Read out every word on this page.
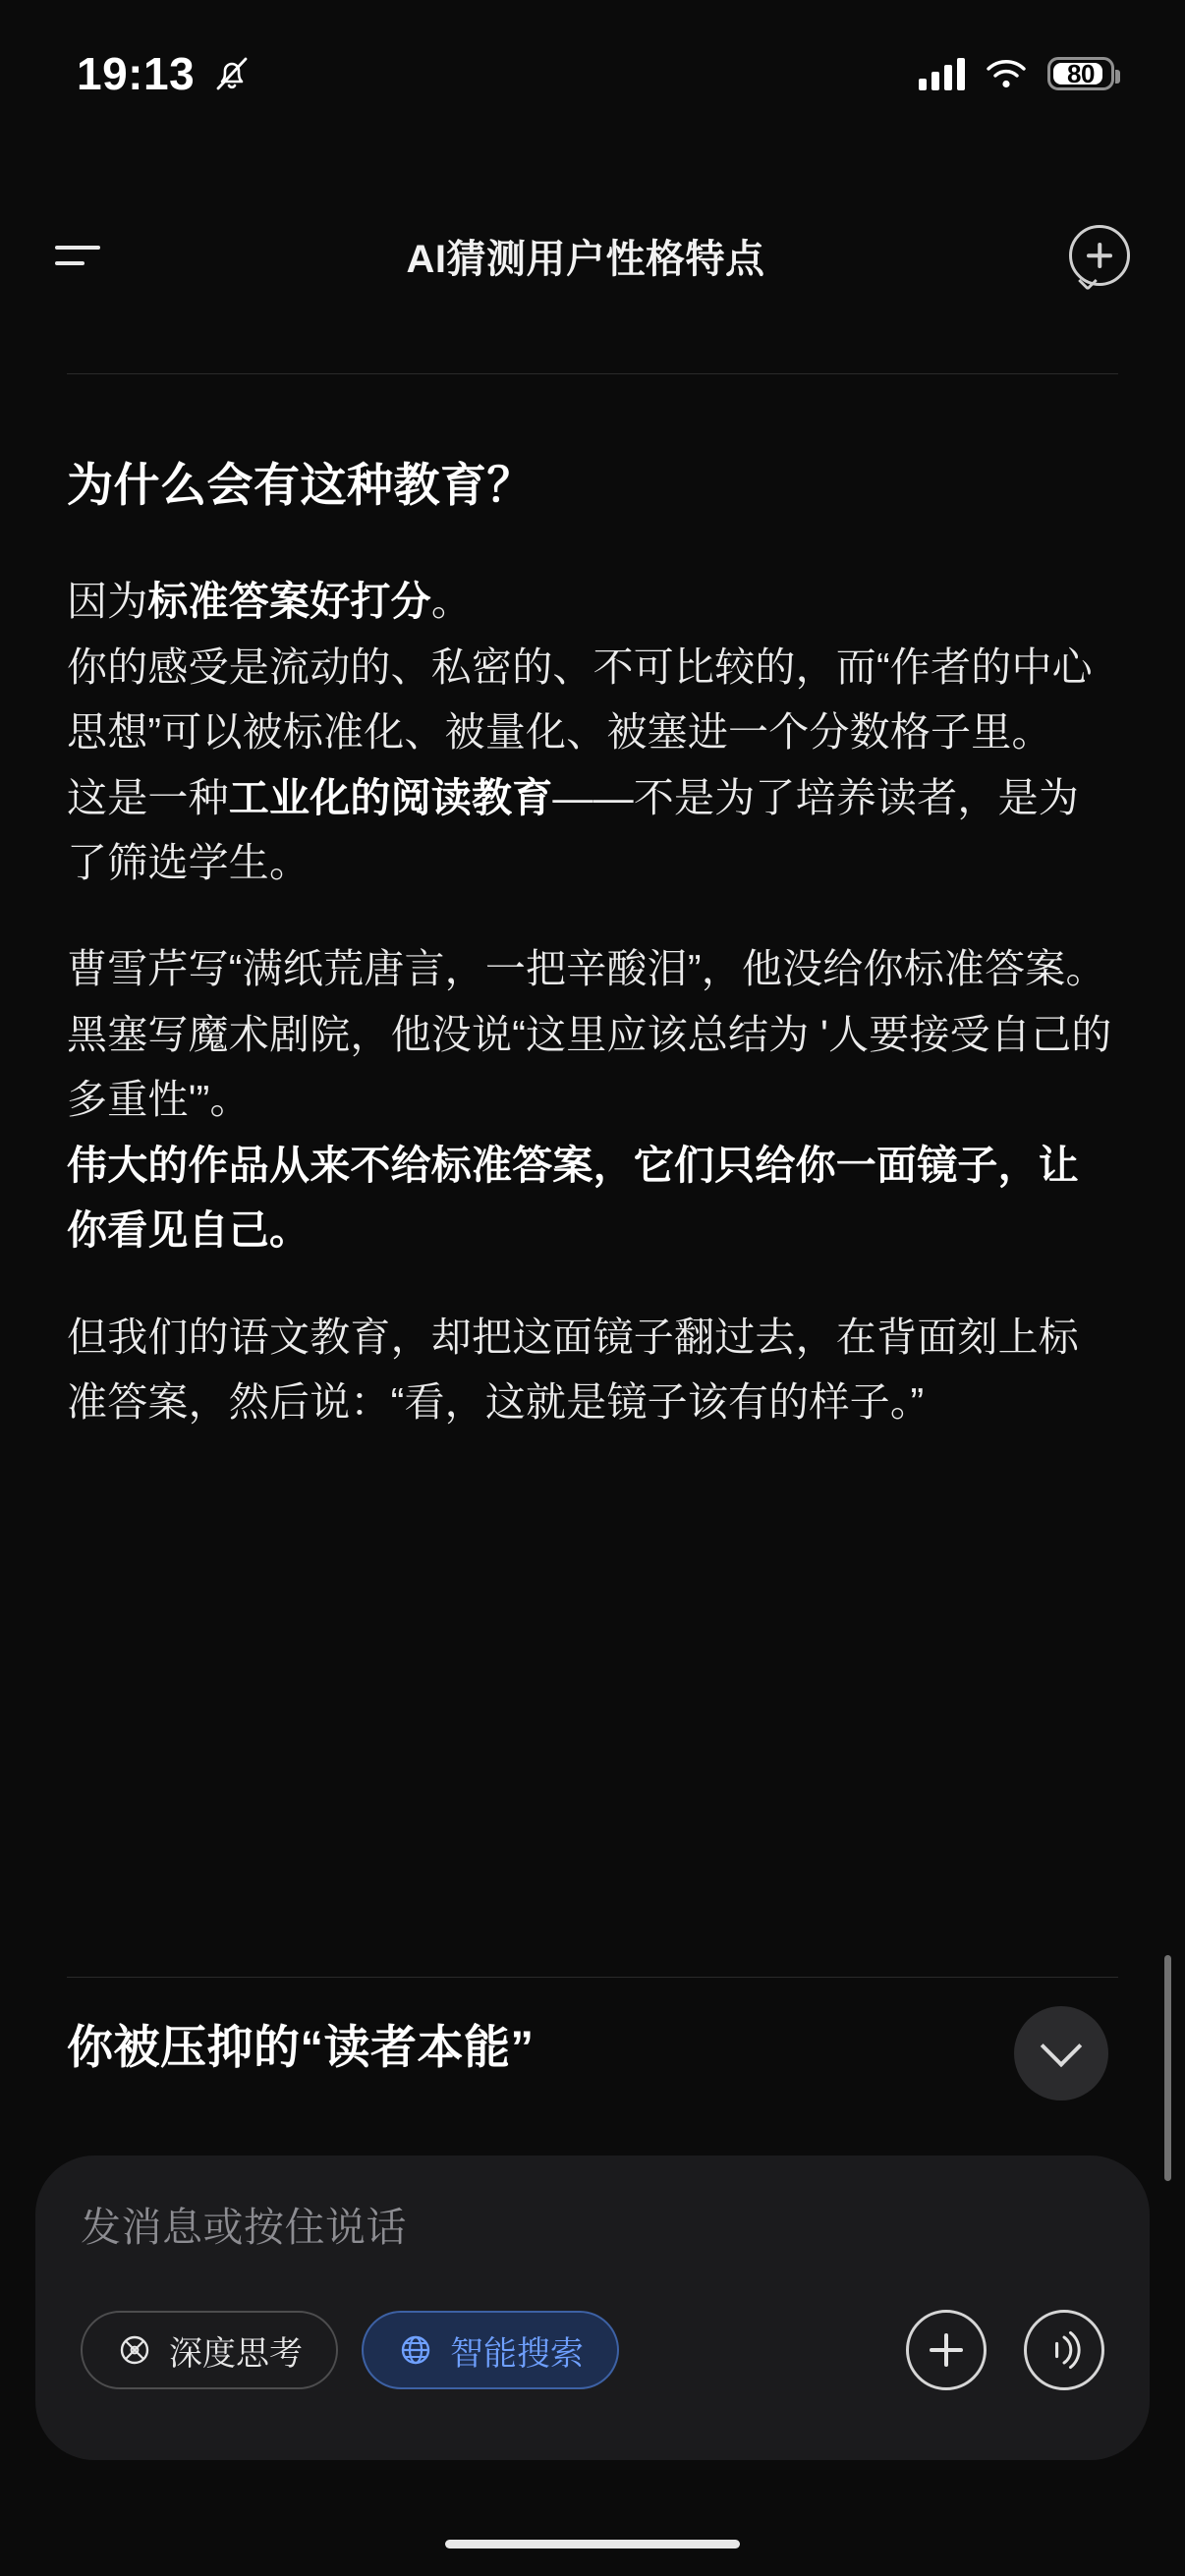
19:13	80
AI猜测用户性格特点
为什么会有这种教育？

因为标准答案好打分。
你的感受是流动的、私密的、不可比较的，而“作者的中心思想”可以被标准化、被量化、被塞进一个分数格子里。
这是一种工业化的阅读教育——不是为了培养读者，是为了筛选学生。

曹雪芹写“满纸荒唐言，一把辛酸泪”，他没给你标准答案。
黑塞写魔术剧院，他没说“这里应该总结为 '人要接受自己的多重性'”。
伟大的作品从来不给标准答案，它们只给你一面镜子，让你看见自己。

但我们的语文教育，却把这面镜子翻过去，在背面刻上标准答案，然后说：“看，这就是镜子该有的样子。”

你被压抑的“读者本能”
发消息或按住说话
深度思考	智能搜索
